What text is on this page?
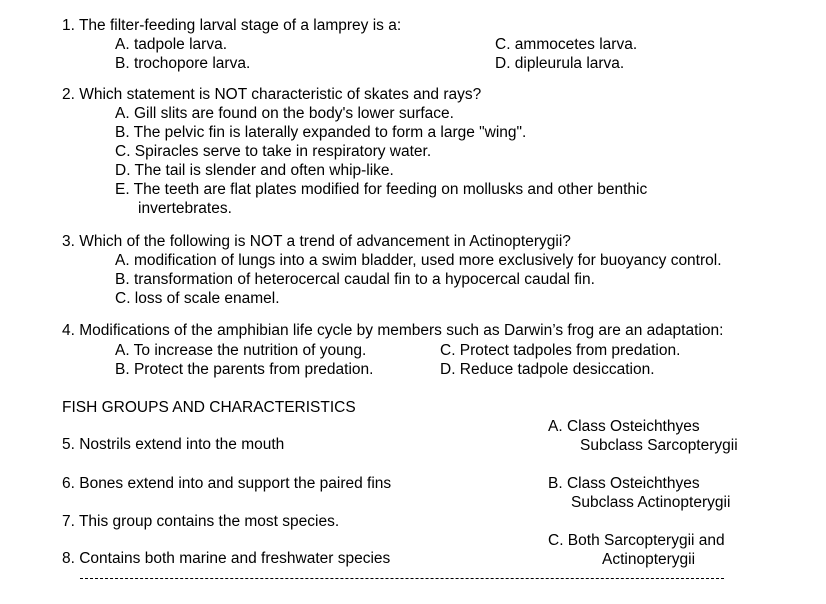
1. The filter-feeding larval stage of a lamprey is a:
A. tadpole larva.
B. trochopore larva.
C. ammocetes larva.
D. dipleurula larva.
2. Which statement is NOT characteristic of skates and rays?
A. Gill slits are found on the body's lower surface.
B. The pelvic fin is laterally expanded to form a large "wing".
C. Spiracles serve to take in respiratory water.
D. The tail is slender and often whip-like.
E. The teeth are flat plates modified for feeding on mollusks and other benthic
invertebrates.
3. Which of the following is NOT a trend of advancement in Actinopterygii?
A. modification of lungs into a swim bladder, used more exclusively for buoyancy control.
B. transformation of heterocercal caudal fin to a hypocercal caudal fin.
C. loss of scale enamel.
4. Modifications of the amphibian life cycle by members such as Darwin’s frog are an adaptation:
A. To increase the nutrition of young.
B. Protect the parents from predation.
C. Protect tadpoles from predation.
D. Reduce tadpole desiccation.
FISH GROUPS AND CHARACTERISTICS
5. Nostrils extend into the mouth
6. Bones extend into and support the paired fins
7. This group contains the most species.
8. Contains both marine and freshwater species
A. Class Osteichthyes
Subclass Sarcopterygii
B. Class Osteichthyes
Subclass Actinopterygii
C. Both Sarcopterygii and
Actinopterygii
